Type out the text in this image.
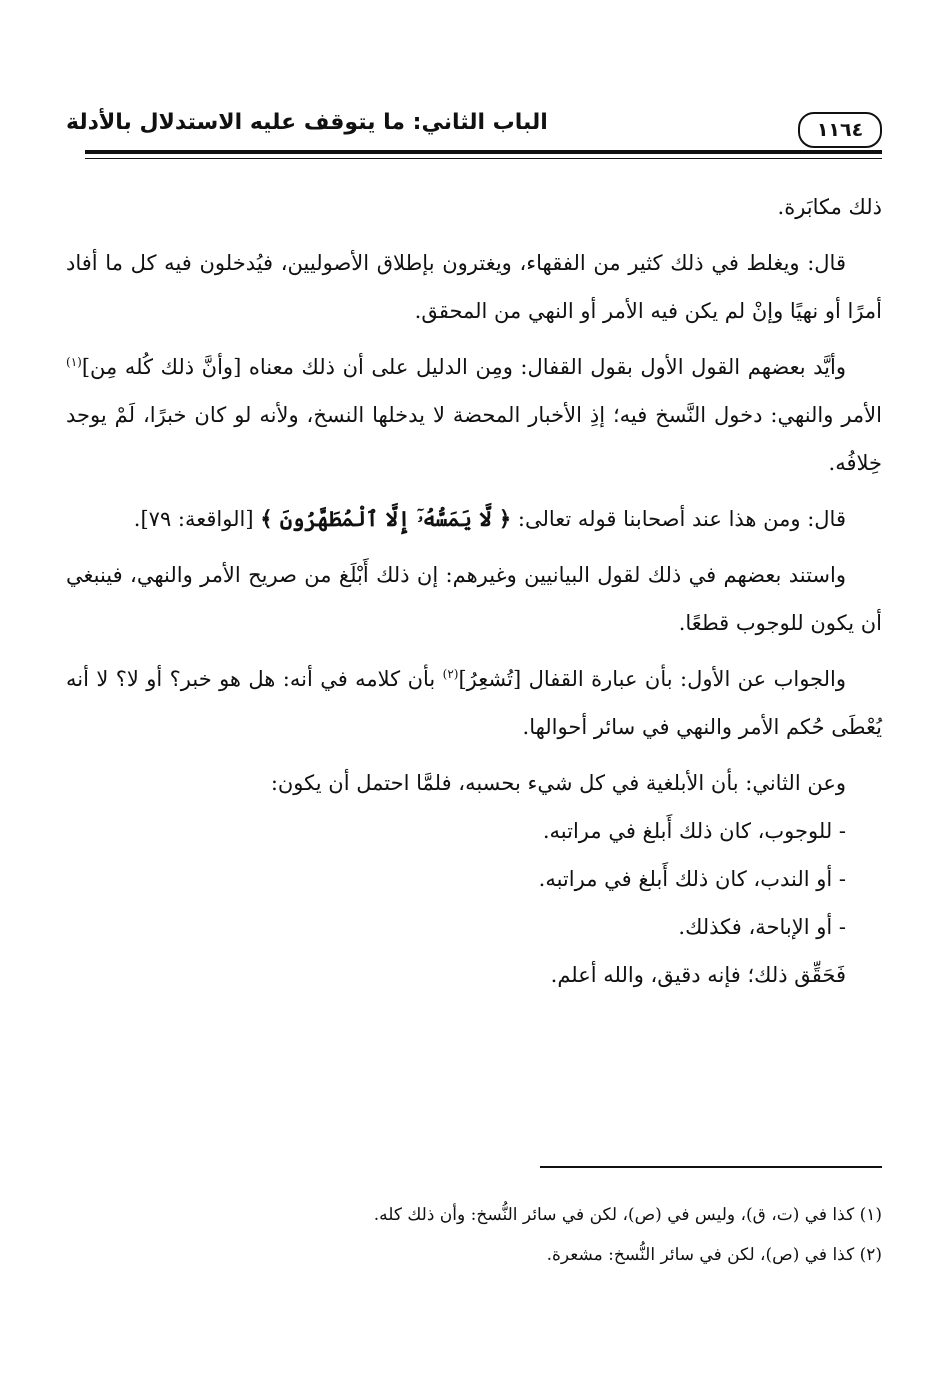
١١٦٤
الباب الثاني: ما يتوقف عليه الاستدلال بالأدلة

ذلك مكابَرة.

قال: ويغلط في ذلك كثير من الفقهاء، ويغترون بإطلاق الأصوليين، فيُدخلون فيه كل ما أفاد أمرًا أو نهيًا وإنْ لم يكن فيه الأمر أو النهي من المحقق.

وأيَّد بعضهم القول الأول بقول القفال: ومِن الدليل على أن ذلك معناه [وأنَّ ذلك كُله مِن]$^{(١)}$ الأمر والنهي: دخول النَّسخ فيه؛ إذِ الأخبار المحضة لا يدخلها النسخ، ولأنه لو كان خبرًا، لَمْ يوجد خِلافُه.

قال: ومن هذا عند أصحابنا قوله تعالى: ﴿ لَّا يَمَسُّهُۥٓ إِلَّا ٱلْمُطَهَّرُونَ ﴾ [الواقعة: ٧٩].

واستند بعضهم في ذلك لقول البيانيين وغيرهم: إن ذلك أَبْلَغ من صريح الأمر والنهي، فينبغي أن يكون للوجوب قطعًا.

والجواب عن الأول: بأن عبارة القفال [تُشعِرُ]$^{(٢)}$ بأن كلامه في أنه: هل هو خبر؟ أو لا؟ لا أنه يُعْطَى حُكم الأمر والنهي في سائر أحوالها.

وعن الثاني: بأن الأبلغية في كل شيء بحسبه، فلمَّا احتمل أن يكون:

- للوجوب، كان ذلك أَبلغ في مراتبه.

- أو الندب، كان ذلك أَبلغ في مراتبه.

- أو الإباحة، فكذلك.

فَحَقِّق ذلك؛ فإنه دقيق، والله أعلم.

(١) كذا في (ت، ق)، وليس في (ص)، لكن في سائر النُّسخ: وأن ذلك كله.

(٢) كذا في (ص)، لكن في سائر النُّسخ: مشعرة.
